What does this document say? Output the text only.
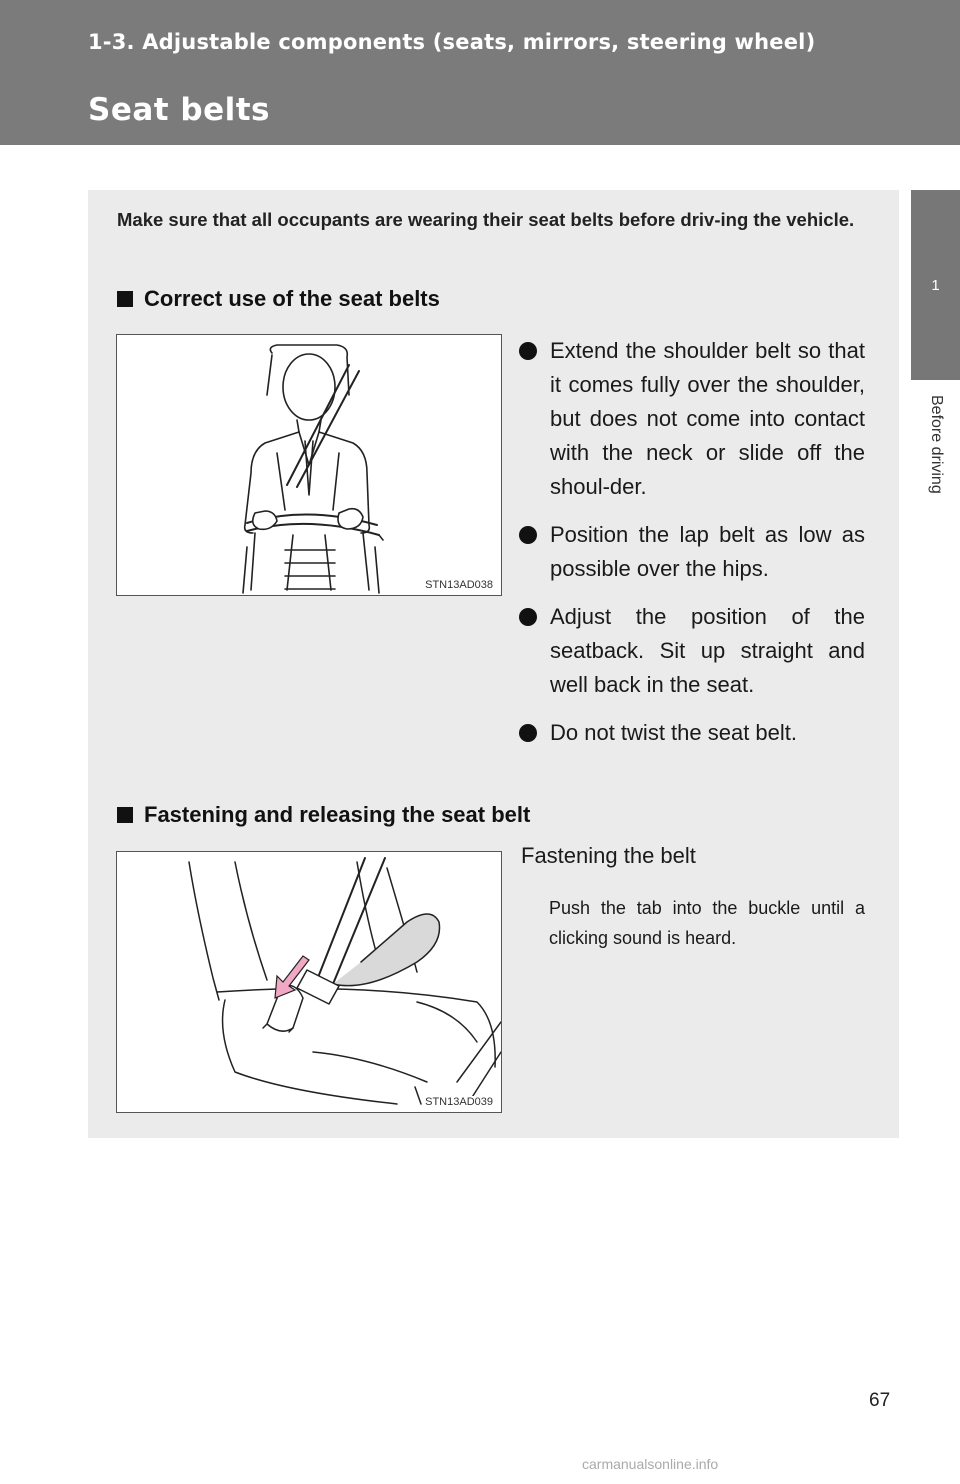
1-3. Adjustable components (seats, mirrors, steering wheel)
Seat belts
1
Before driving

Make sure that all occupants are wearing their seat belts before driv-ing the vehicle.

Correct use of the seat belts
STN13AD038
Extend the shoulder belt so that it comes fully over the shoulder, but does not come into contact with the neck or slide off the shoul-der.
Position the lap belt as low as possible over the hips.
Adjust the position of the seatback. Sit up straight and well back in the seat.
Do not twist the seat belt.
Fastening and releasing the seat belt
STN13AD039

Fastening the belt

Push the tab into the buckle until a clicking sound is heard.

67
carmanualsonline.info
